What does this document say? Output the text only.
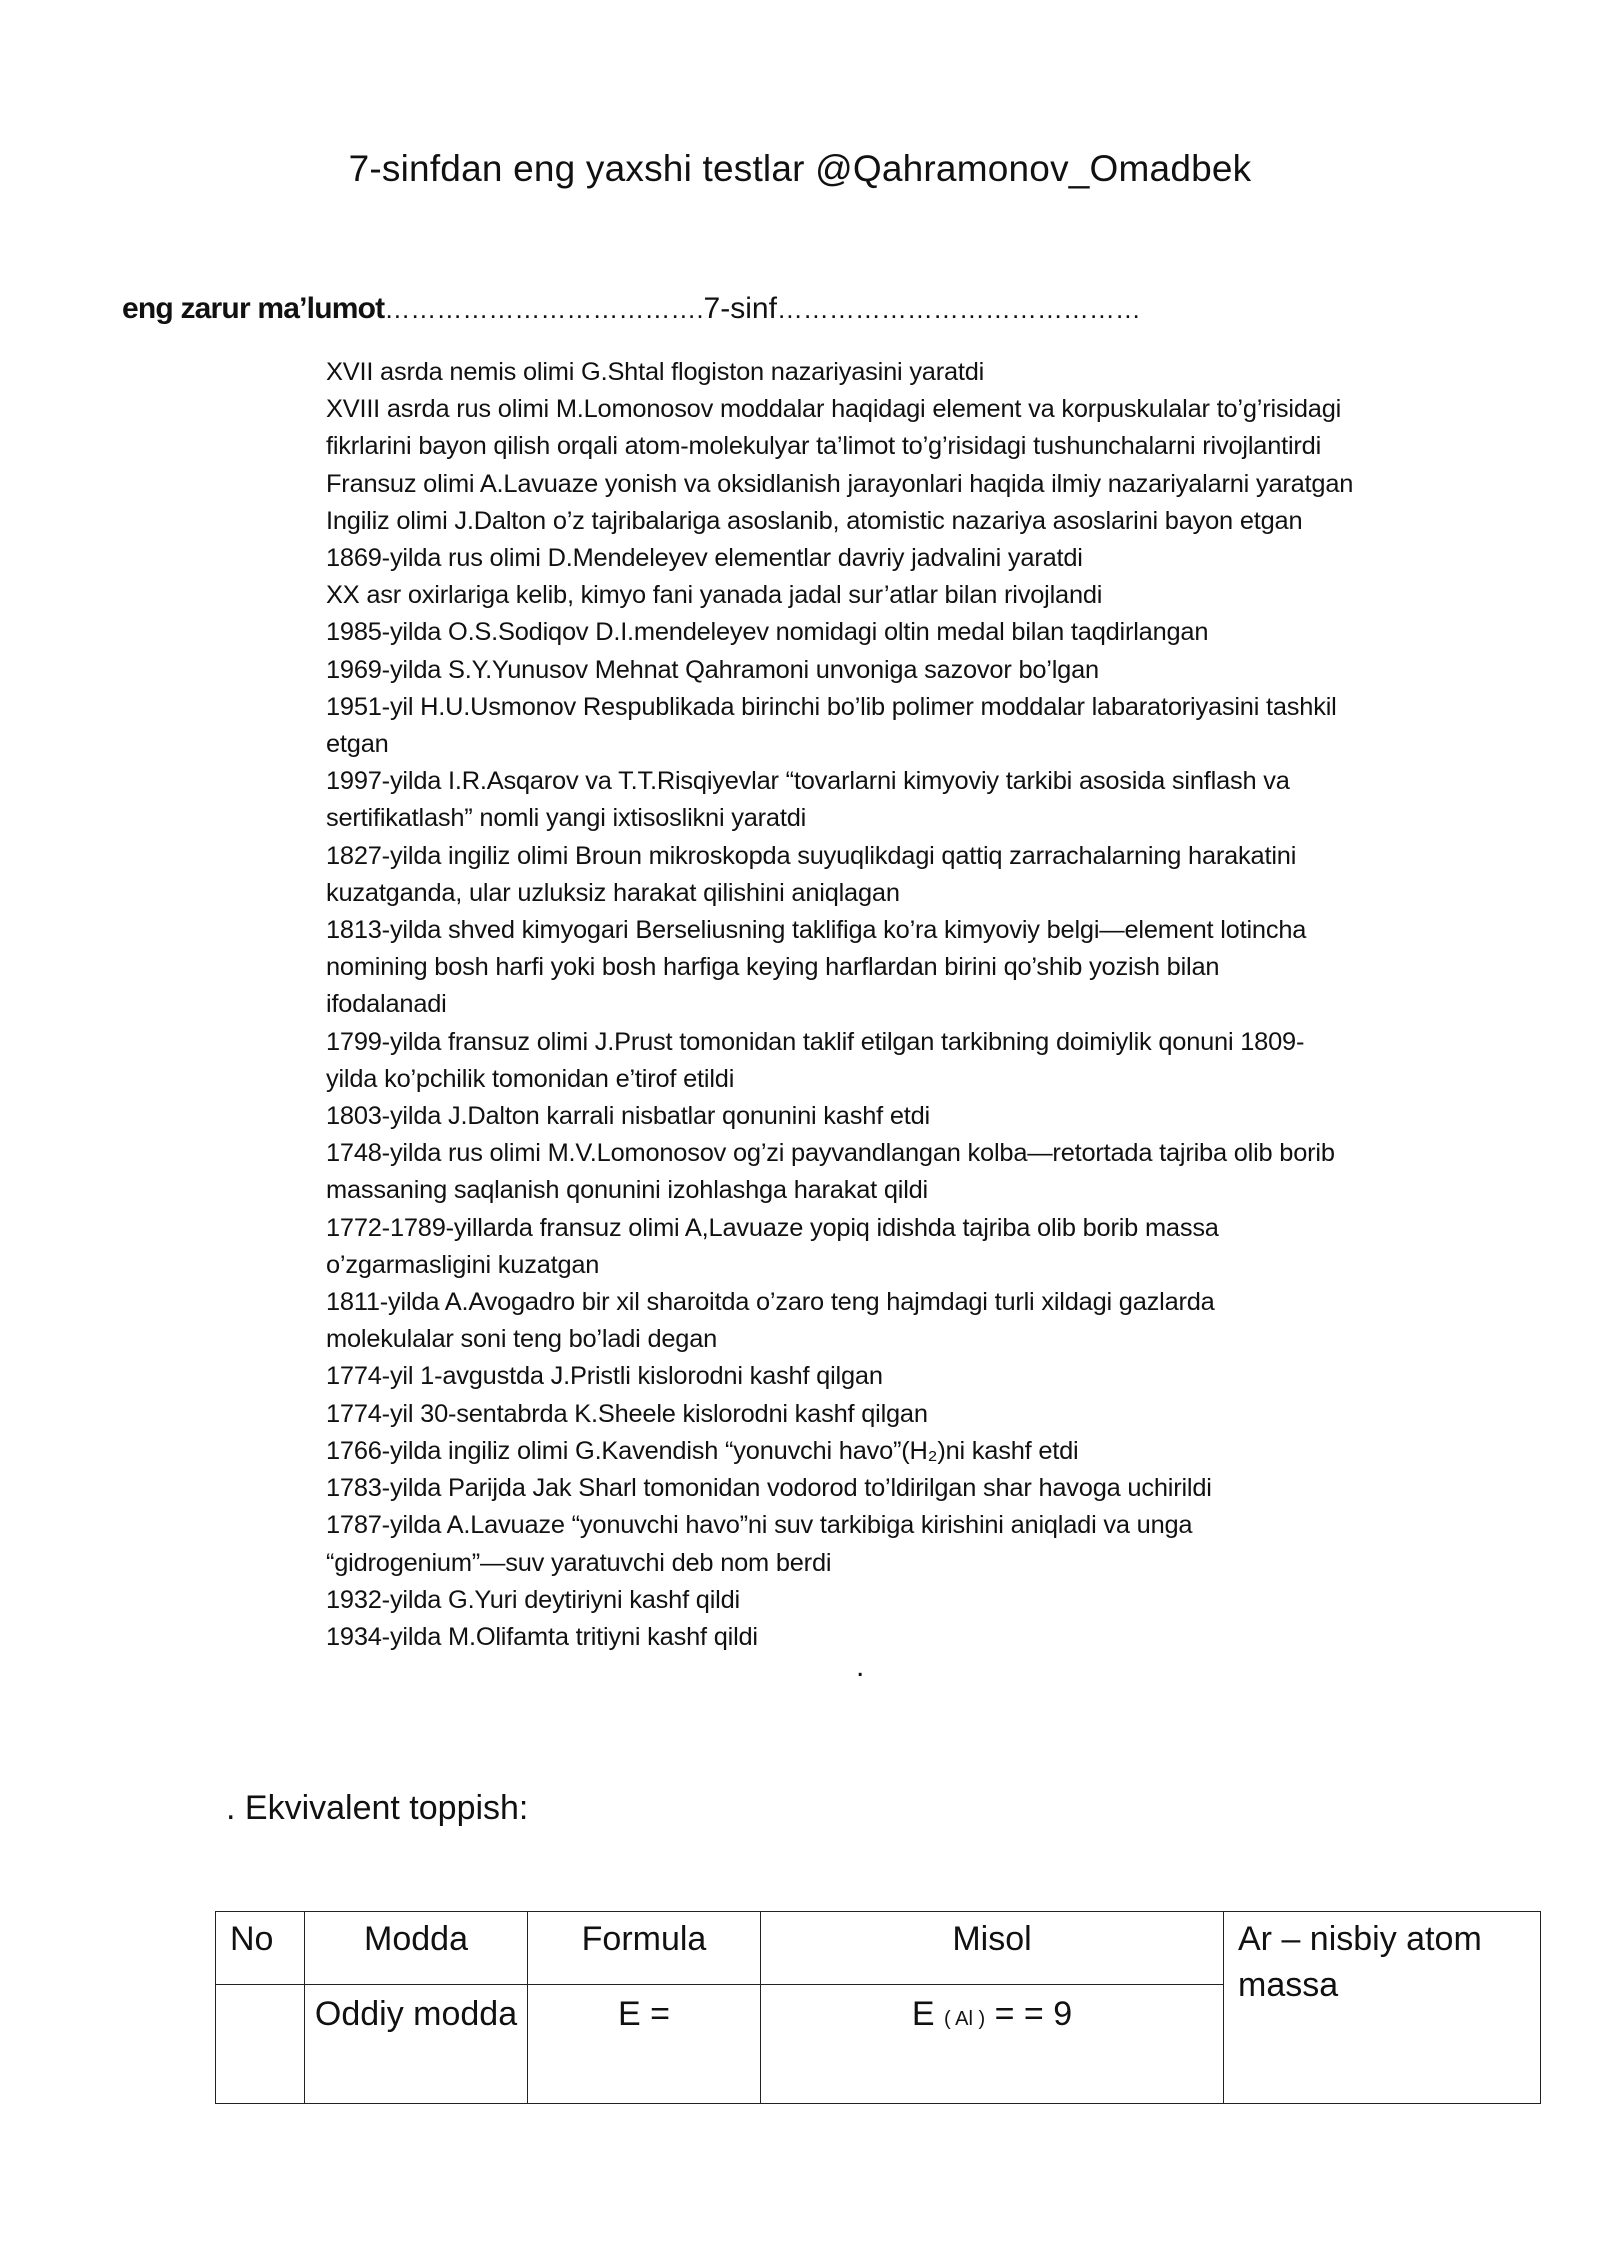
7-sinfdan eng yaxshi testlar @Qahramonov_Omadbek
eng zarur ma’lumot……………………………….7-sinf……………………………………
XVII asrda nemis olimi G.Shtal flogiston nazariyasini yaratdi
XVIII asrda rus olimi M.Lomonosov moddalar haqidagi element va korpuskulalar to’g’risidagi
fikrlarini bayon qilish orqali atom-molekulyar ta’limot to’g’risidagi tushunchalarni rivojlantirdi
Fransuz olimi A.Lavuaze yonish va oksidlanish jarayonlari haqida ilmiy nazariyalarni yaratgan
Ingiliz olimi J.Dalton o’z tajribalariga asoslanib, atomistic nazariya asoslarini bayon etgan
1869-yilda rus olimi D.Mendeleyev elementlar davriy jadvalini yaratdi
XX asr oxirlariga kelib, kimyo fani yanada jadal sur’atlar bilan rivojlandi
1985-yilda O.S.Sodiqov D.I.mendeleyev nomidagi oltin medal bilan taqdirlangan
1969-yilda S.Y.Yunusov Mehnat Qahramoni unvoniga sazovor bo’lgan
1951-yil H.U.Usmonov Respublikada birinchi bo’lib polimer moddalar labaratoriyasini tashkil
etgan
1997-yilda I.R.Asqarov va T.T.Risqiyevlar “tovarlarni kimyoviy tarkibi asosida sinflash va
sertifikatlash” nomli yangi ixtisoslikni yaratdi
1827-yilda ingiliz olimi Broun mikroskopda suyuqlikdagi qattiq zarrachalarning harakatini
kuzatganda, ular uzluksiz harakat qilishini aniqlagan
1813-yilda shved kimyogari Berseliusning taklifiga ko’ra kimyoviy belgi—element lotincha
nomining bosh harfi yoki bosh harfiga keying harflardan birini qo’shib yozish bilan
ifodalanadi
1799-yilda fransuz olimi J.Prust tomonidan taklif etilgan tarkibning doimiylik qonuni 1809-
yilda ko’pchilik tomonidan e’tirof etildi
1803-yilda J.Dalton karrali nisbatlar qonunini kashf etdi
1748-yilda rus olimi M.V.Lomonosov og’zi payvandlangan kolba—retortada tajriba olib borib
massaning saqlanish qonunini izohlashga harakat qildi
1772-1789-yillarda fransuz olimi A,Lavuaze yopiq idishda tajriba olib borib massa
o’zgarmasligini kuzatgan
1811-yilda A.Avogadro bir xil sharoitda o’zaro teng hajmdagi turli xildagi gazlarda
molekulalar soni teng bo’ladi degan
1774-yil 1-avgustda J.Pristli kislorodni kashf qilgan
1774-yil 30-sentabrda K.Sheele kislorodni kashf qilgan
1766-yilda ingiliz olimi G.Kavendish “yonuvchi havo”(H₂)ni kashf etdi
1783-yilda Parijda Jak Sharl tomonidan vodorod to’ldirilgan shar havoga uchirildi
1787-yilda A.Lavuaze “yonuvchi havo”ni suv tarkibiga kirishini aniqladi va unga
“gidrogenium”—suv yaratuvchi deb nom berdi
1932-yilda G.Yuri deytiriyni kashf qildi
1934-yilda M.Olifamta tritiyni kashf qildi
.
. Ekvivalent toppish:
No	Modda	Formula	Misol	Ar – nisbiy atom massa
	Oddiy modda	E =	E ( Al ) = = 9	
